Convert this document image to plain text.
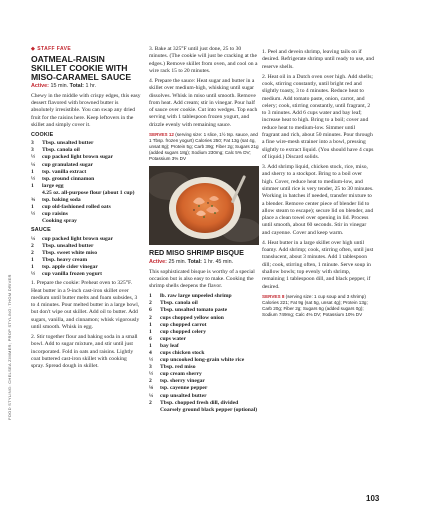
FOOD STYLING: CHELSEA ZIMMER; PROP STYLING: THOM DRIVER
◆ STAFF FAVE
OATMEAL-RAISIN SKILLET COOKIE WITH MISO-CARAMEL SAUCE
Active: 15 min. Total: 1 hr.

Chewy in the middle with crispy edges, this easy dessert flavored with browned butter is absolutely irresistible. You can swap any dried fruit for the raisins here. Keep leftovers in the skillet and simply cover it.

COOKIE
3	Tbsp. unsalted butter
3	Tbsp. canola oil
½	cup packed light brown sugar
¼	cup granulated sugar
1	tsp. vanilla extract
½	tsp. ground cinnamon
1	large egg
4.25 oz. all-purpose flour (about 1 cup)
¾	tsp. baking soda
1	cup old-fashioned rolled oats
½	cup raisins
Cooking spray
SAUCE
¼	cup packed light brown sugar
2	Tbsp. unsalted butter
2	Tbsp. sweet white miso
1	Tbsp. heavy cream
1	tsp. apple cider vinegar
½	cup vanilla frozen yogurt

1. Prepare the cookie: Preheat oven to 325°F. Heat butter in a 9-inch cast-iron skillet over medium until butter melts and foam subsides, 3 to 4 minutes. Pour melted butter in a large bowl, but don't wipe out skillet. Add oil to butter. Add sugars, vanilla, and cinnamon; whisk vigorously until smooth. Whisk in egg.

2. Stir together flour and baking soda in a small bowl. Add to sugar mixture, and stir until just incorporated. Fold in oats and raisins. Lightly coat buttered cast-iron skillet with cooking spray. Spread dough in skillet.

3. Bake at 325°F until just done, 25 to 30 minutes. (The cookie will just be cracking at the edges.) Remove skillet from oven, and cool on a wire rack 15 to 20 minutes.

4. Prepare the sauce: Heat sugar and butter in a skillet over medium-high, whisking until sugar dissolves. Whisk in miso until smooth. Remove from heat. Add cream; stir in vinegar. Pour half of sauce over cookie. Cut into wedges. Top each serving with 1 tablespoon frozen yogurt, and drizzle evenly with remaining sauce.

SERVES 12 (serving size: 1 slice, 1½ tsp. sauce, and 1 Tbsp. frozen yogurt) Calories 250; Fat 13g (sat 4g, unsat 8g); Protein 5g; Carb 39g; Fiber 2g; Sugars 21g (added sugars 18g); Sodium 230mg; Calc 5% DV; Potassium 3% DV
RED MISO SHRIMP BISQUE
Active: 25 min. Total: 1 hr. 45 min.

This sophisticated bisque is worthy of a special occasion but is also easy to make. Cooking the shrimp shells deepens the flavor.

1	lb. raw large unpeeled shrimp
2	Tbsp. canola oil
6	Tbsp. unsalted tomato paste
2	cups chopped yellow onion
1	cup chopped carrot
1	cup chopped celery
6	cups water
1	bay leaf
4	cups chicken stock
½	cup uncooked long-grain white rice
3	Tbsp. red miso
½	cup cream sherry
2	tsp. sherry vinegar
⅛	tsp. cayenne pepper
¼	cup unsalted butter
2	Tbsp. chopped fresh dill, divided
Coarsely ground black pepper (optional)

1. Peel and devein shrimp, leaving tails on if desired. Refrigerate shrimp until ready to use, and reserve shells.

2. Heat oil in a Dutch oven over high. Add shells; cook, stirring constantly, until bright red and slightly toasty, 3 to 4 minutes. Reduce heat to medium. Add tomato paste, onion, carrot, and celery; cook, stirring constantly, until fragrant, 2 to 3 minutes. Add 6 cups water and bay leaf; increase heat to high. Bring to a boil; cover and reduce heat to medium-low. Simmer until fragrant and rich, about 50 minutes. Pour through a fine wire-mesh strainer into a bowl, pressing slightly to extract liquid. (You should have 4 cups of liquid.) Discard solids.

3. Add shrimp liquid, chicken stock, rice, miso, and sherry to a stockpot. Bring to a boil over high. Cover, reduce heat to medium-low, and simmer until rice is very tender, 25 to 30 minutes. Working in batches if needed, transfer mixture to a blender. Remove center piece of blender lid to allow steam to escape); secure lid on blender, and place a clean towel over opening in lid. Process until smooth, about 60 seconds. Stir in vinegar and cayenne. Cover and keep warm.

4. Heat butter in a large skillet over high until foamy. Add shrimp; cook, stirring often, until just translucent, about 3 minutes. Add 1 tablespoon dill; cook, stirring often, 1 minute. Serve soup in shallow bowls; top evenly with shrimp, remaining 1 tablespoon dill, and black pepper, if desired.

SERVES 8 (serving size: 1 cup soup and 3 shrimp) Calories 221; Fat 9g (sat 5g, unsat 4g); Protein 13g; Carb 20g; Fiber 2g; Sugars 6g (added sugars 0g); Sodium 749mg; Calc 4% DV; Potassium 10% DV
103
